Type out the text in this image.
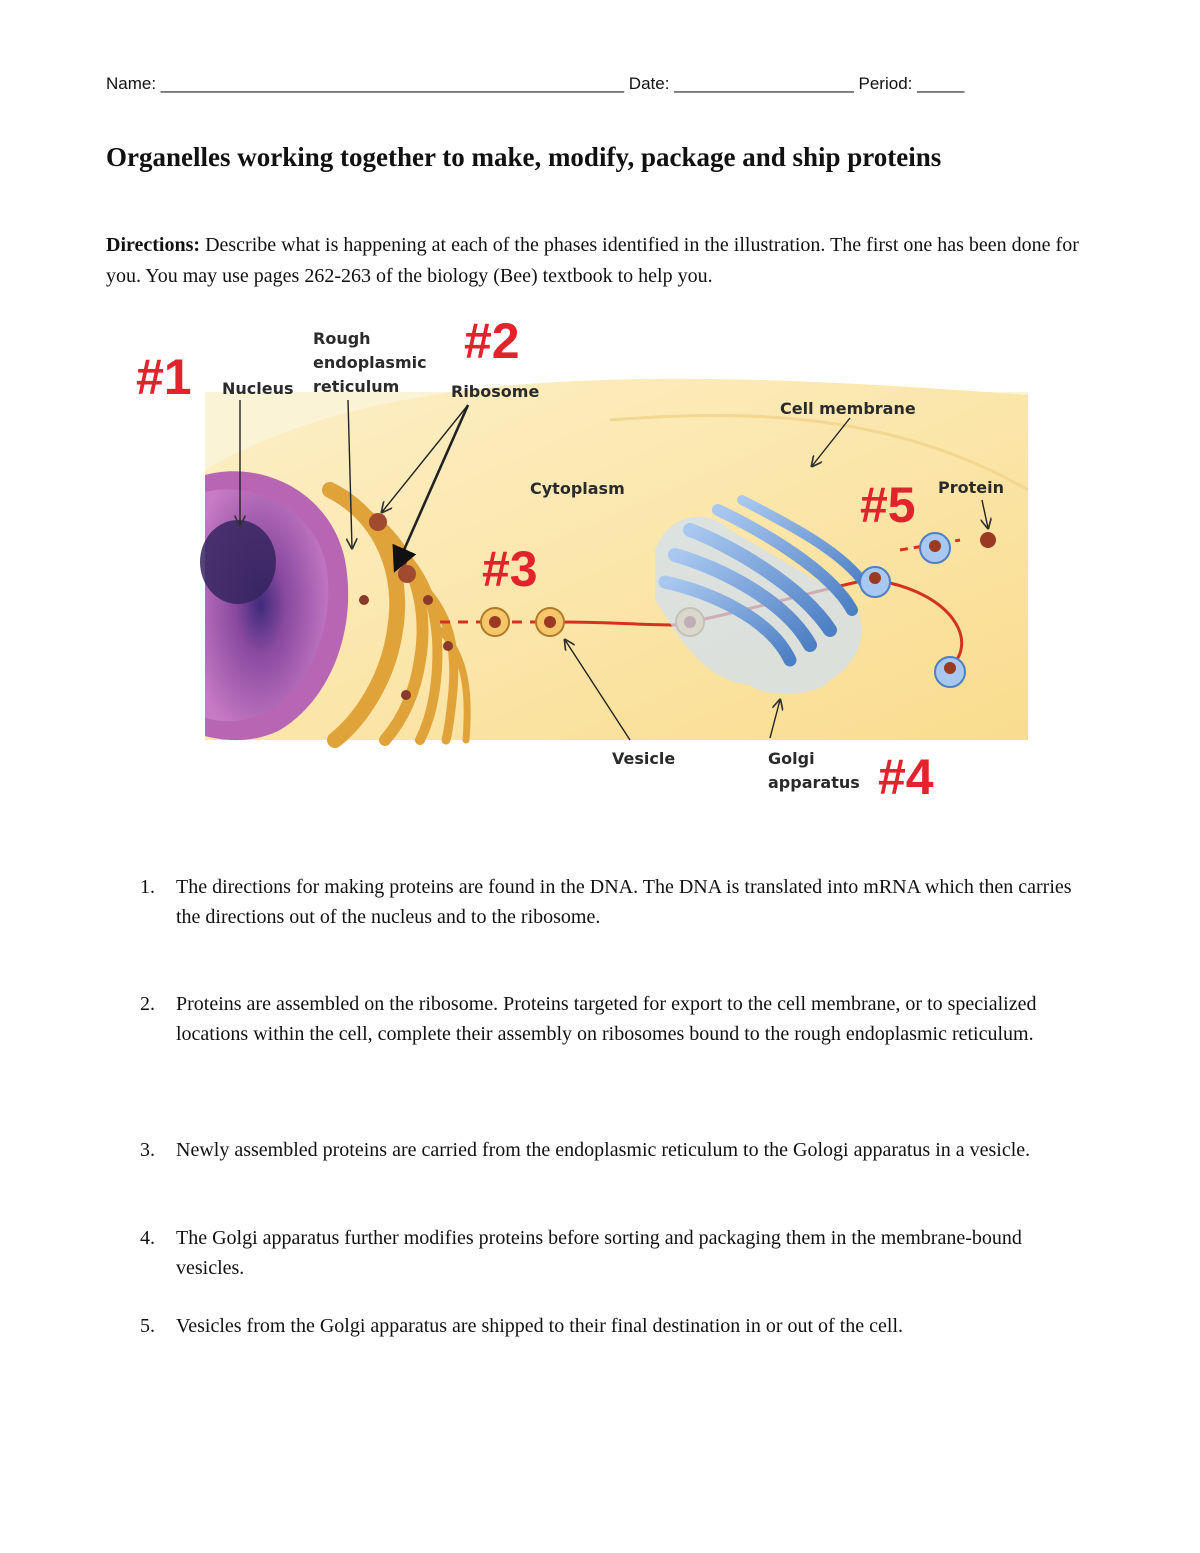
Name: _________________________________________________ Date: ___________________ Period: _____
Organelles working together to make, modify, package and ship proteins
Directions: Describe what is happening at each of the phases identified in the illustration. The first one has been done for you. You may use pages 262-263 of the biology (Bee) textbook to help you.
Nucleus
Rough
endoplasmic
reticulum	Ribosome
Cell membrane
Cytoplasm	Protein
Vesicle	Golgi
apparatus
#1
#2
#3
#4
#5
1.	The directions for making proteins are found in the DNA. The DNA is translated into mRNA which then carries the directions out of the nucleus and to the ribosome.
2.	Proteins are assembled on the ribosome. Proteins targeted for export to the cell membrane, or to specialized locations within the cell, complete their assembly on ribosomes bound to the rough endoplasmic reticulum.
3.	Newly assembled proteins are carried from the endoplasmic reticulum to the Gologi apparatus in a vesicle.
4.	The Golgi apparatus further modifies proteins before sorting and packaging them in the membrane-bound vesicles.
5.	Vesicles from the Golgi apparatus are shipped to their final destination in or out of the cell.
